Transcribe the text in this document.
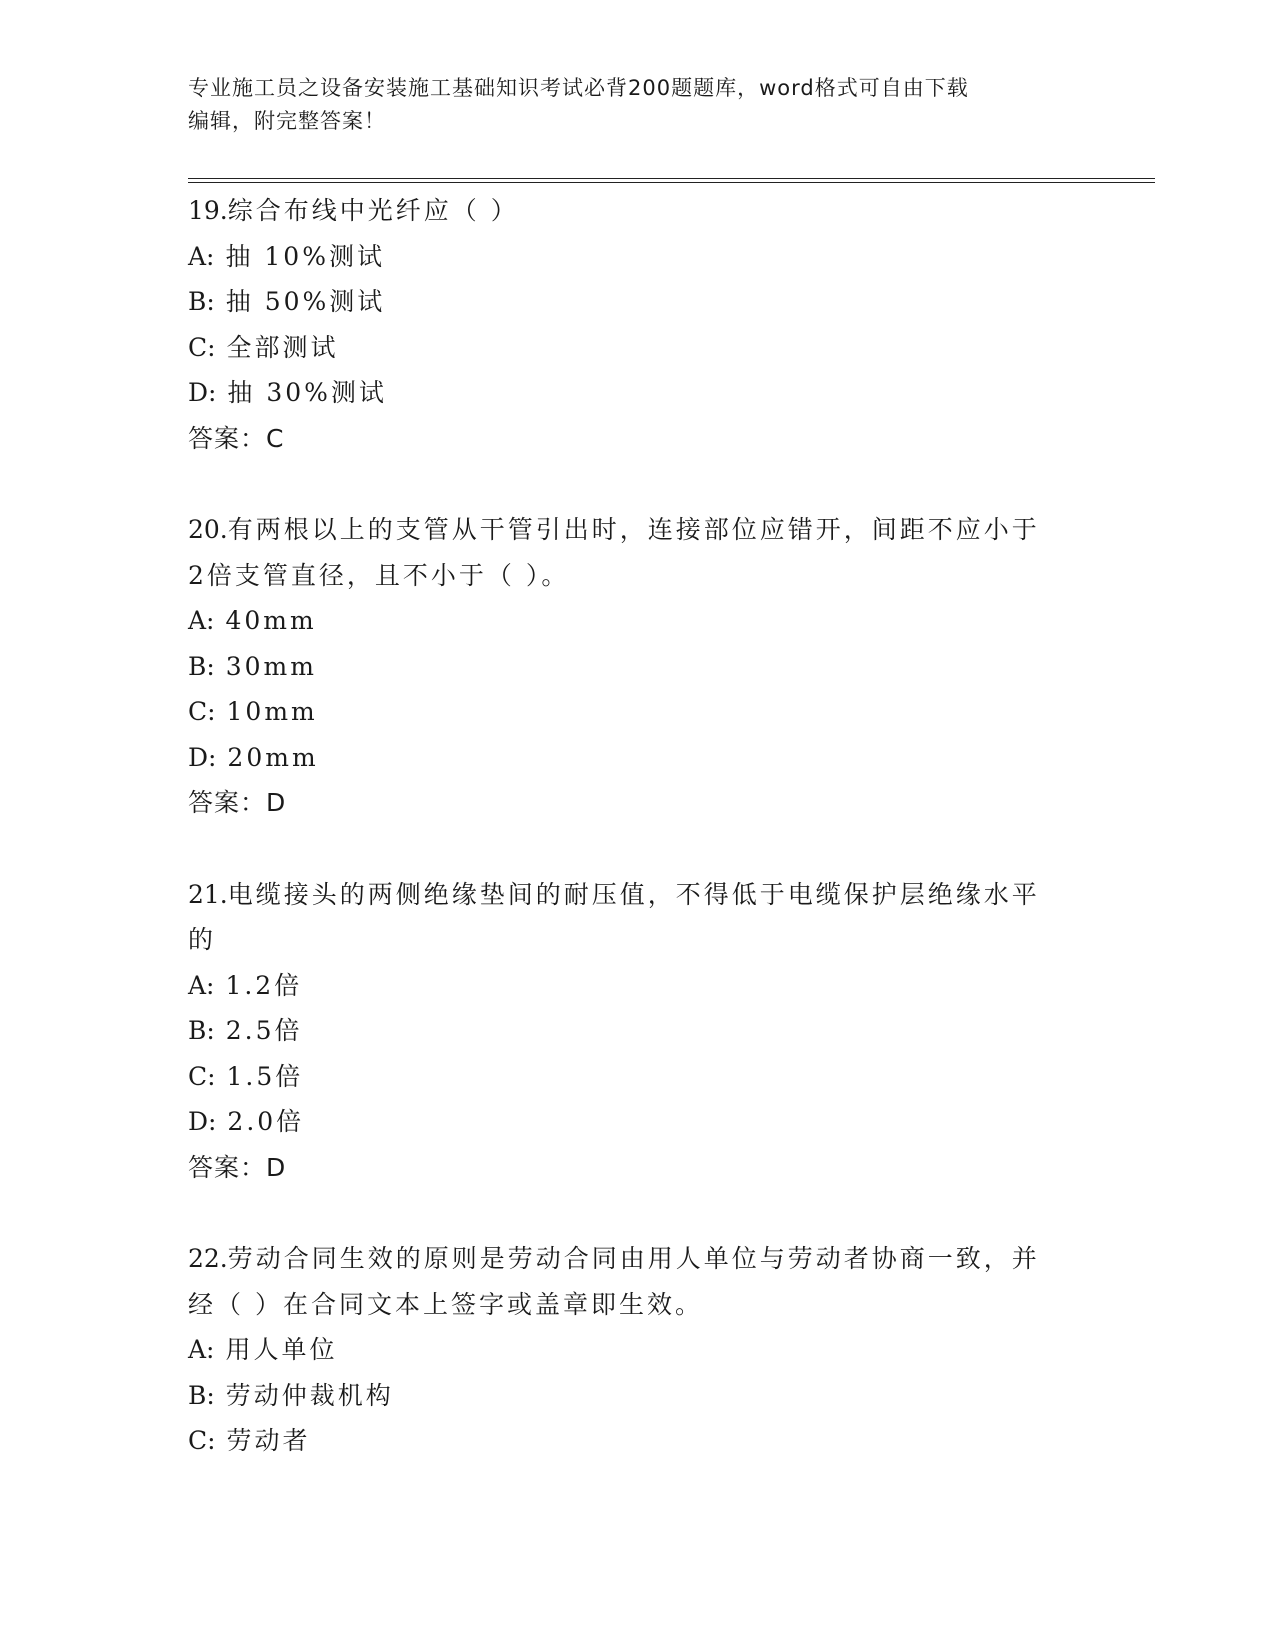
专业施工员之设备安装施工基础知识考试必背200题题库，word格式可自由下载
编辑，附完整答案！
19.综合布线中光纤应（ ）
A: 抽 10%测试
B: 抽 50%测试
C: 全部测试
D: 抽 30%测试
答案：C
20.有两根以上的支管从干管引出时，连接部位应错开，间距不应小于
2倍支管直径，且不小于（ ）。
A: 40mm
B: 30mm
C: 10mm
D: 20mm
答案：D
21.电缆接头的两侧绝缘垫间的耐压值，不得低于电缆保护层绝缘水平
的
A: 1.2倍
B: 2.5倍
C: 1.5倍
D: 2.0倍
答案：D
22.劳动合同生效的原则是劳动合同由用人单位与劳动者协商一致，并
经（ ）在合同文本上签字或盖章即生效。
A: 用人单位
B: 劳动仲裁机构
C: 劳动者
